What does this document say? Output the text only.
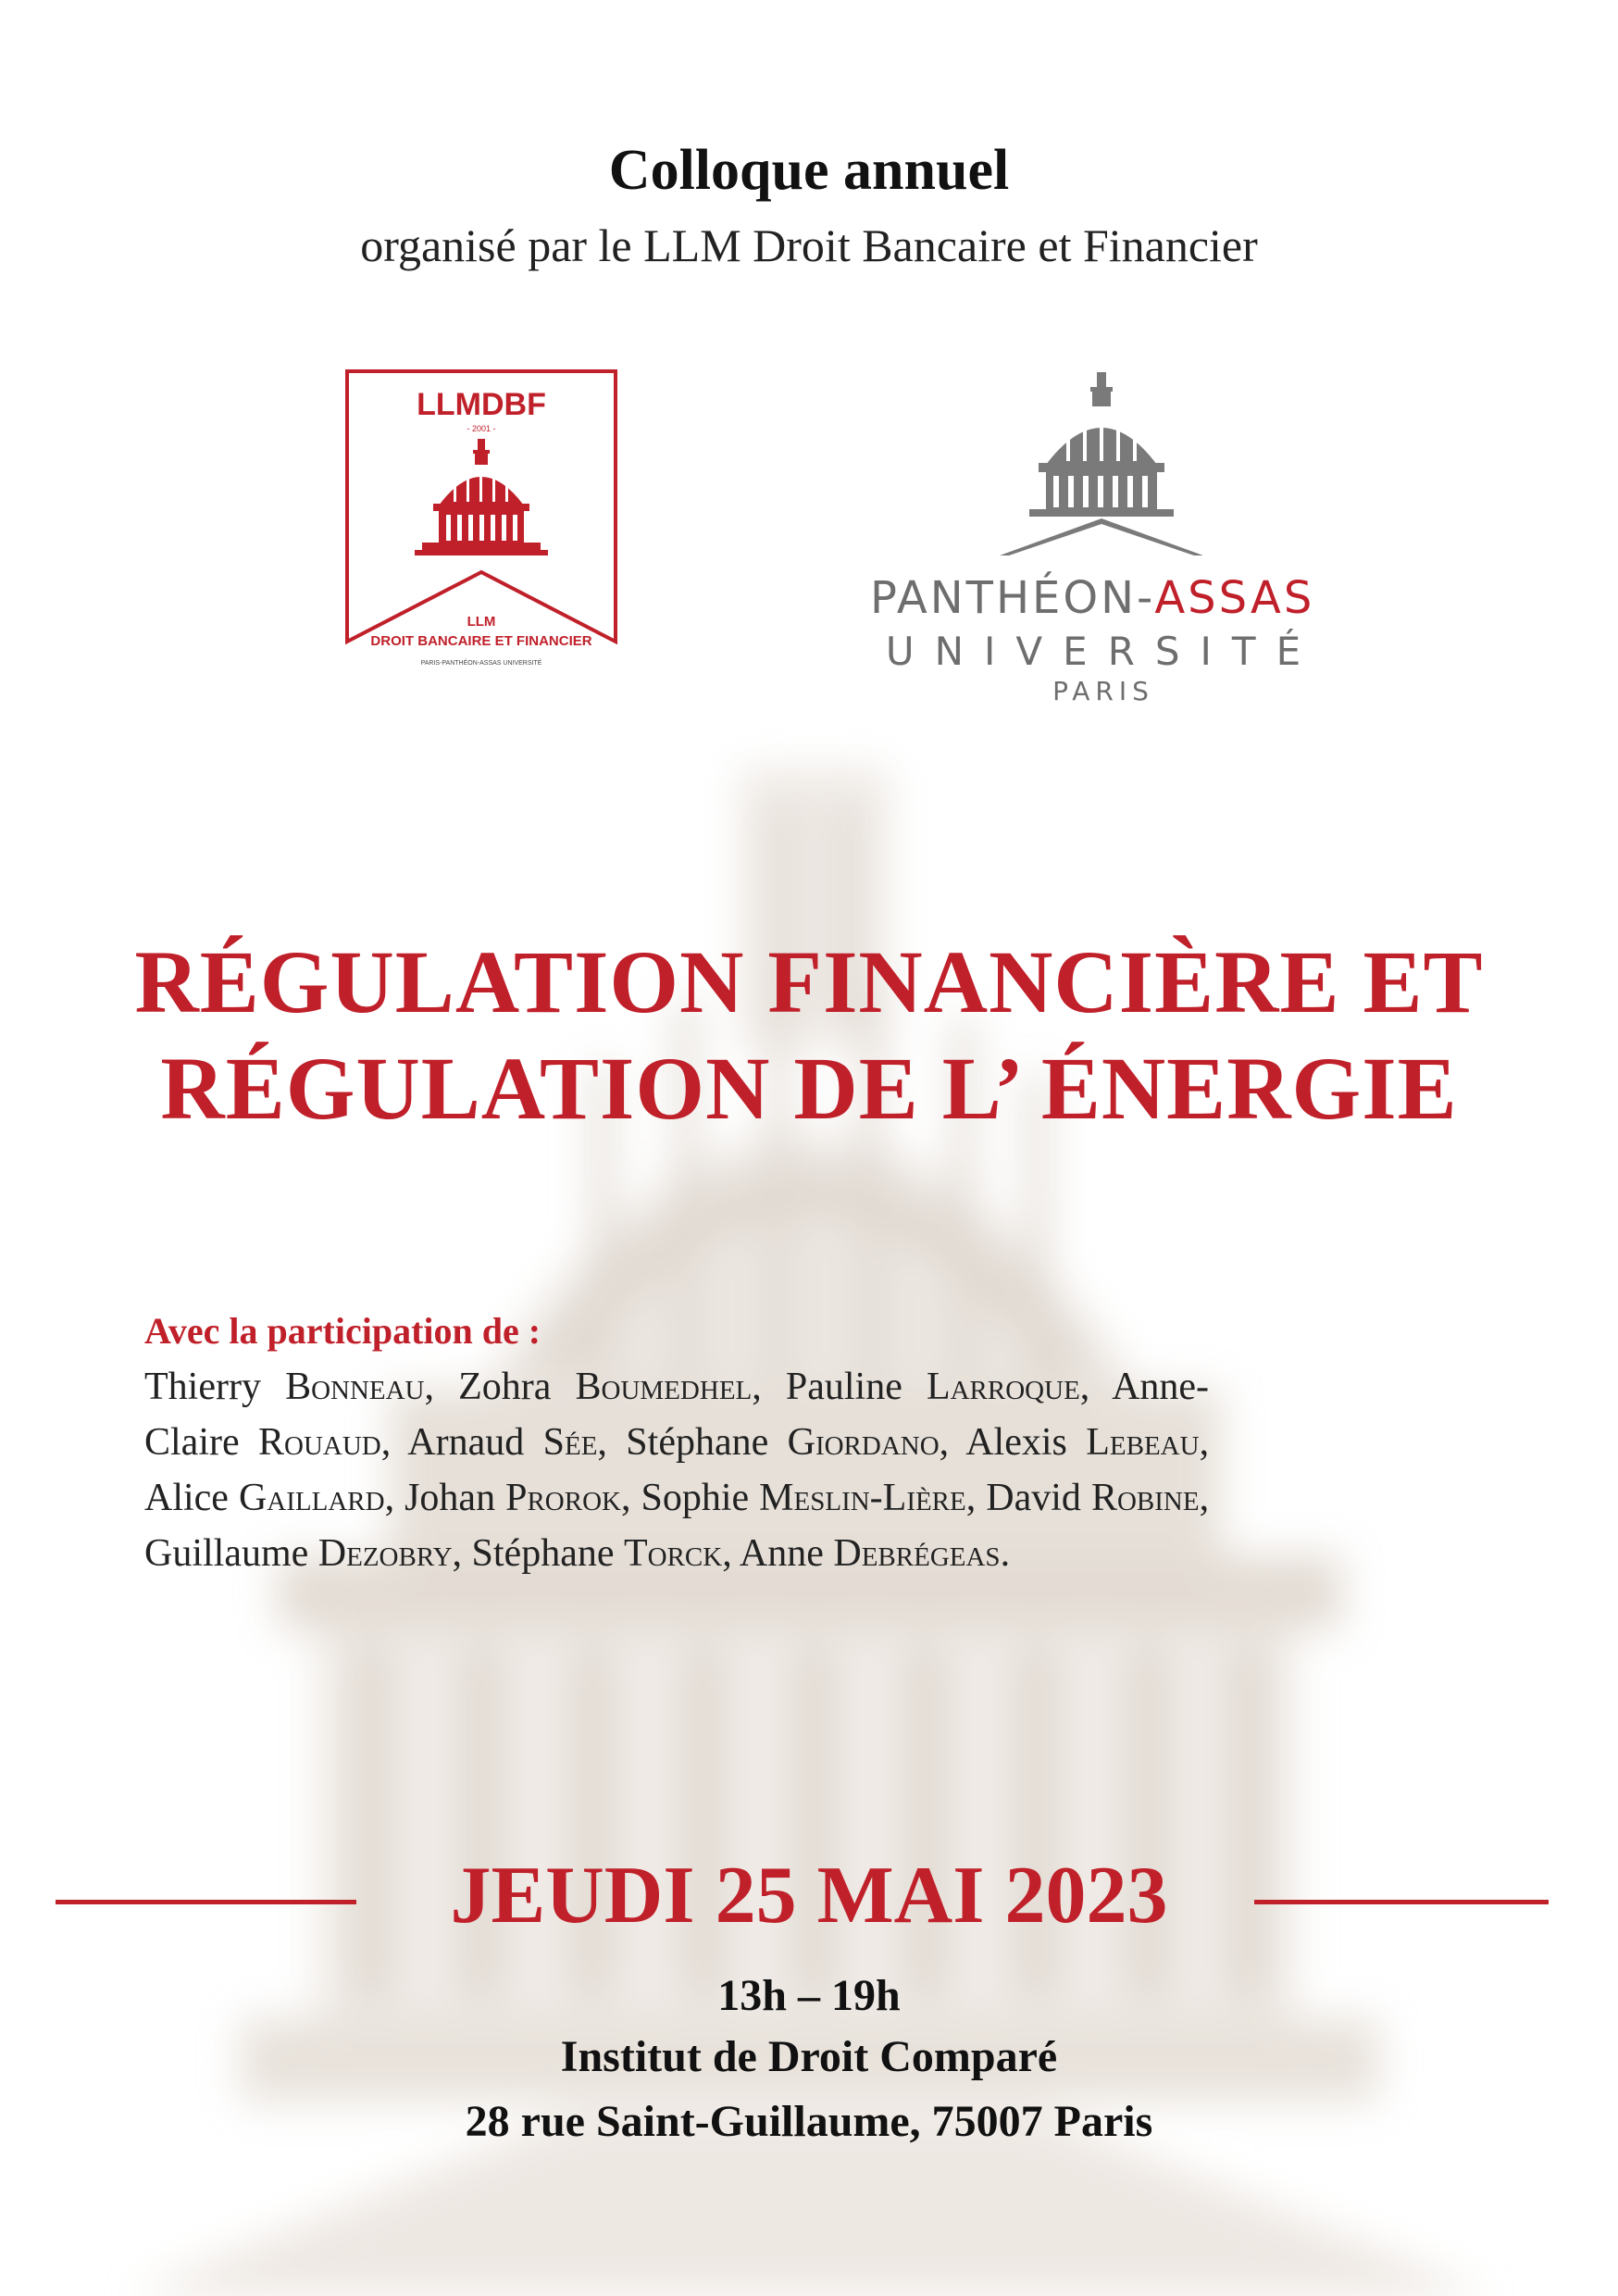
Colloque annuel
organisé par le LLM Droit Bancaire et Financier
LLMDBF
- 2001 -
LLM
DROIT BANCAIRE ET FINANCIER
PARIS-PANTHÉON-ASSAS UNIVERSITÉ
PANTHÉON-ASSAS
UNIVERSITÉ
PARIS
RÉGULATION FINANCIÈRE ET
RÉGULATION DE L’ ÉNERGIE
Avec la participation de :
Thierry Bonneau, Zohra Boumedhel, Pauline Larroque, Anne-Claire Rouaud, Arnaud Sée, Stéphane Giordano, Alexis Lebeau, Alice Gaillard, Johan Prorok, Sophie Meslin-Lière, David Robine, Guillaume Dezobry, Stéphane Torck, Anne Debrégeas.
JEUDI 25 MAI 2023
13h – 19h
Institut de Droit Comparé
28 rue Saint-Guillaume, 75007 Paris
